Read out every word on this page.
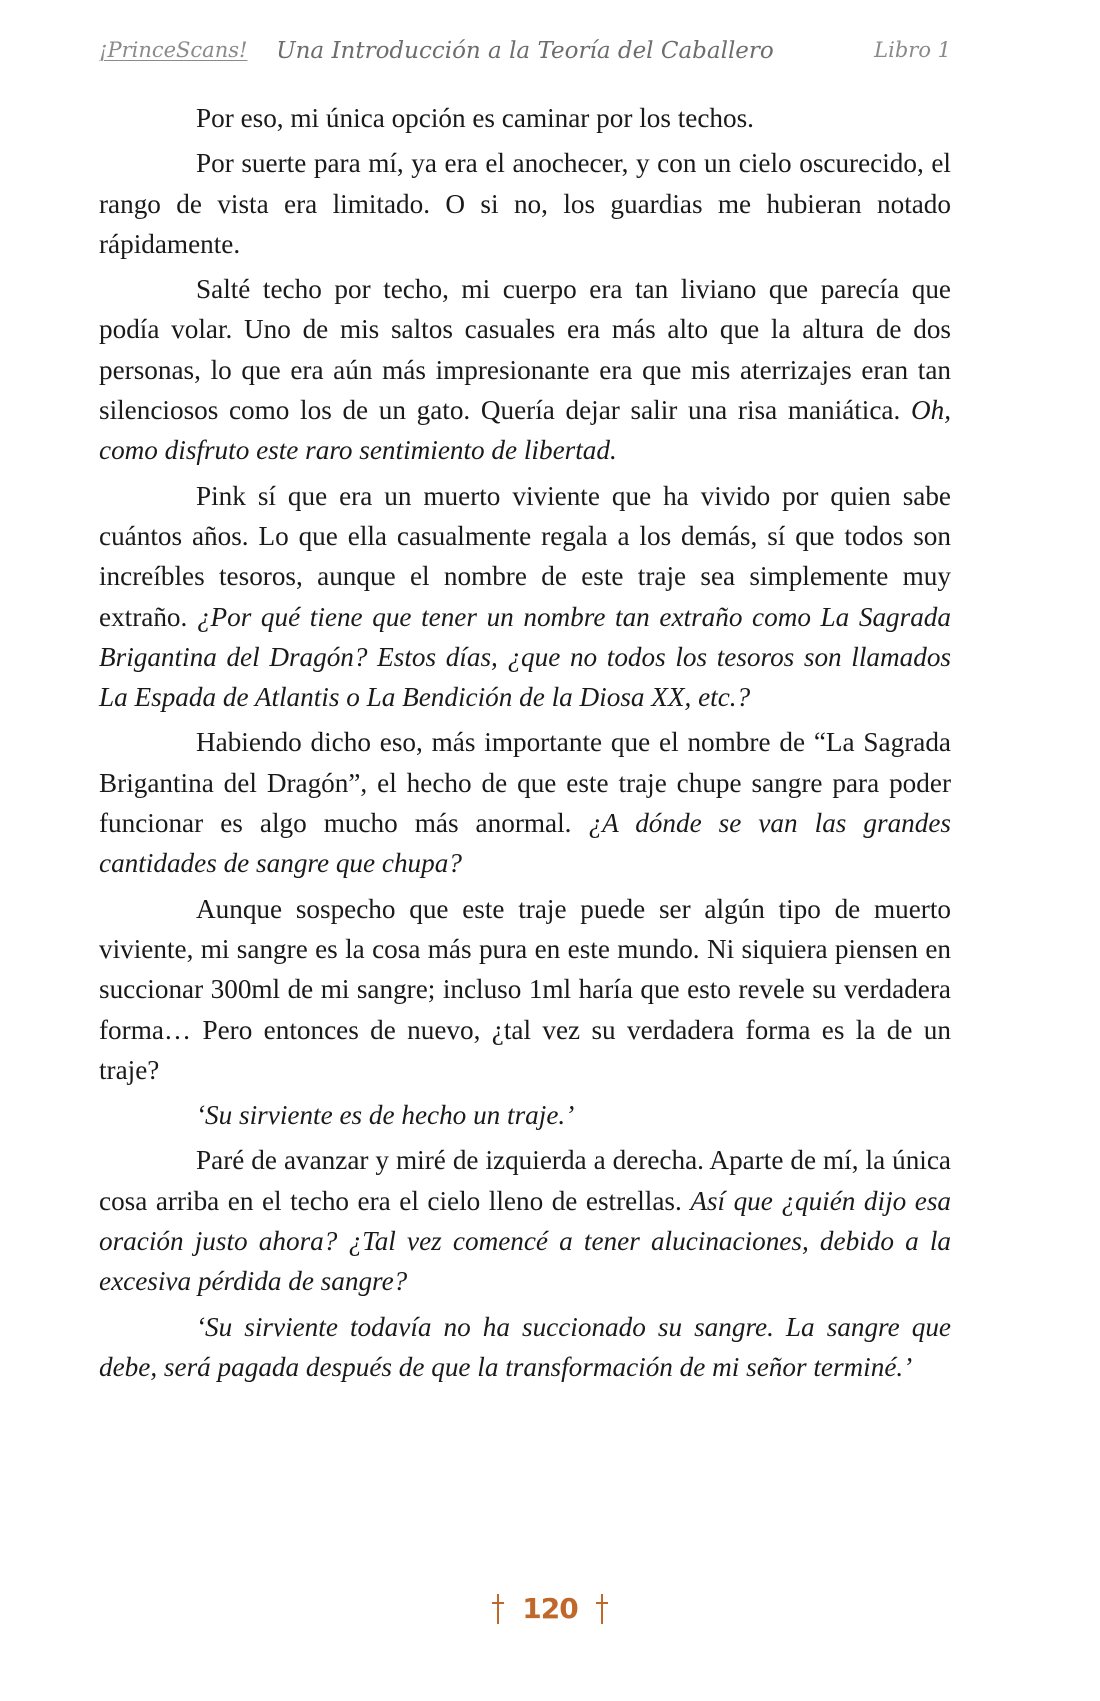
¡PrinceScans! Una Introducción a la Teoría del Caballero	Libro 1

Por eso, mi única opción es caminar por los techos.

Por suerte para mí, ya era el anochecer, y con un cielo oscurecido, el rango de vista era limitado. O si no, los guardias me hubieran notado rápidamente.

Salté techo por techo, mi cuerpo era tan liviano que parecía que podía volar. Uno de mis saltos casuales era más alto que la altura de dos personas, lo que era aún más impresionante era que mis aterrizajes eran tan silenciosos como los de un gato. Quería dejar salir una risa maniática. Oh, como disfruto este raro sentimiento de libertad.

Pink sí que era un muerto viviente que ha vivido por quien sabe cuántos años. Lo que ella casualmente regala a los demás, sí que todos son increíbles tesoros, aunque el nombre de este traje sea simplemente muy extraño. ¿Por qué tiene que tener un nombre tan extraño como La Sagrada Brigantina del Dragón? Estos días, ¿que no todos los tesoros son llamados La Espada de Atlantis o La Bendición de la Diosa XX, etc.?

Habiendo dicho eso, más importante que el nombre de “La Sagrada Brigantina del Dragón”, el hecho de que este traje chupe sangre para poder funcionar es algo mucho más anormal. ¿A dónde se van las grandes cantidades de sangre que chupa?

Aunque sospecho que este traje puede ser algún tipo de muerto viviente, mi sangre es la cosa más pura en este mundo. Ni siquiera piensen en succionar 300ml de mi sangre; incluso 1ml haría que esto revele su verdadera forma… Pero entonces de nuevo, ¿tal vez su verdadera forma es la de un traje?

‘Su sirviente es de hecho un traje.’

Paré de avanzar y miré de izquierda a derecha. Aparte de mí, la única cosa arriba en el techo era el cielo lleno de estrellas. Así que ¿quién dijo esa oración justo ahora? ¿Tal vez comencé a tener alucinaciones, debido a la excesiva pérdida de sangre?

‘Su sirviente todavía no ha succionado su sangre. La sangre que debe, será pagada después de que la transformación de mi señor terminé.’

120
